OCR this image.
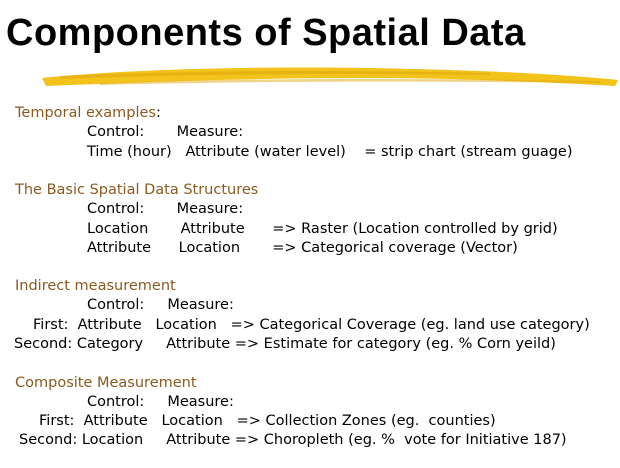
Components of Spatial Data
Temporal examples:
Control:       Measure:
Time (hour)   Attribute (water level)    = strip chart (stream guage)
The Basic Spatial Data Structures
Control:       Measure:
Location       Attribute      => Raster (Location controlled by grid)
Attribute      Location       => Categorical coverage (Vector)
Indirect measurement
Control:     Measure:
First:  Attribute   Location   => Categorical Coverage (eg. land use category)
Second: Category     Attribute => Estimate for category (eg. % Corn yeild)
Composite Measurement
Control:     Measure:
First:  Attribute   Location   => Collection Zones (eg.  counties)
Second: Location     Attribute => Choropleth (eg. %  vote for Initiative 187)
